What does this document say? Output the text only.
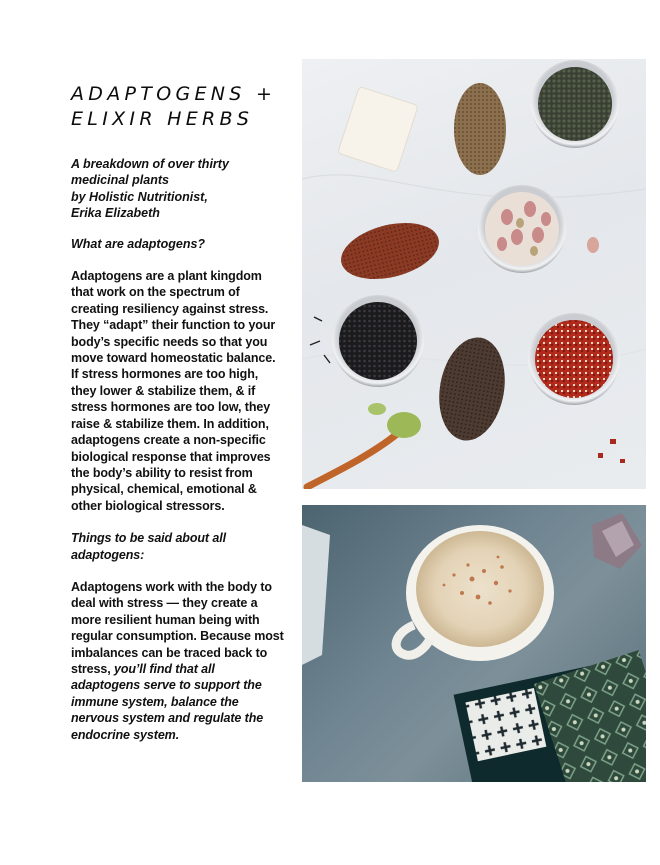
ADAPTOGENS +
ELIXIR HERBS

A breakdown of over thirty
medicinal plants
by Holistic Nutritionist,
Erika Elizabeth

What are adaptogens?

Adaptogens are a plant kingdom
that work on the spectrum of
creating resiliency against stress.
They “adapt” their function to your
body’s specific needs so that you
move toward homeostatic balance.
If stress hormones are too high,
they lower & stabilize them, & if
stress hormones are too low, they
raise & stabilize them. In addition,
adaptogens create a non-specific
biological response that improves
the body’s ability to resist from
physical, chemical, emotional &
other biological stressors.

Things to be said about all
adaptogens:

Adaptogens work with the body to
deal with stress — they create a
more resilient human being with
regular consumption. Because most
imbalances can be traced back to
stress, you’ll find that all
adaptogens serve to support the
immune system, balance the
nervous system and regulate the
endocrine system.
